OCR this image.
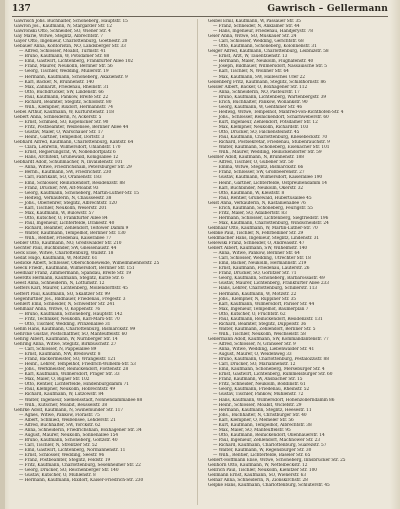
137	Gawrisch – Gellermann
Gawrisch Johs. Buchhalter, Schöneberg, Hauptstr. 15
Gawron Jos., Kaufmann, N, Stargarder Str. 12
Gawronski Otto, Schneider, SO, Wiener Str. 4
Gay Marie, Witwe, Steglitz, Albrechtstr. 7
Gayer Otto, Ingenieur, Charlottenburg, Goethestr. 20
Gebauer Anna, Kontoristin, NO, Landsberger Str. 33
— Alfred, Schlosser, Moabit, Turmstr. 41
— Bruno, Kaufmann, W, Potsdamer Str. 88
— Emil, Gastwirt, Lichtenberg, Frankfurter Allee 102
— Franz, Maurer, Neukölln, Berliner Str. 56
— Georg, Tischler, Wedding, Müllerstr. 19
— Hermann, Kaufmann, Schöneberg, Akazienstr. 9
— Karl, Bäcker, N, Brunnenstr. 140
— Max, Zahnarzt, Friedenau, Rheinstr. 31
— Otto, Buchdrucker, SW, Lindenstr. 66
— Paul, Kaufmann, Pankow, Breite Str. 22
— Richard, Beamter, Steglitz, Schloßstr. 80
— Wilh., Klempner, Rixdorf, Hermannstr. 74
Gebel Arthur, Kaufmann, W, Kurfürstenstr. 118
Gebert Anna, Schneiderin, N, Ackerstr. 5
— Ernst, Schmied, SO, Köpenicker Str. 90
— Fritz, Postbeamter, Weißensee, Berliner Allee 44
— Gustav, Maler, O, Warschauer Str. 17
— Heinr., Gärtner, Tempelhof, Dorfstr. 3
Gebhard Alfred, Kaufmann, Charlottenburg, Kantstr. 64
— Clara, Lehrerin, Wilmersdorf, Uhlandstr. 170
— Ernst, Regierungsrat, W, Nollendorfplatz 6
— Hans, Architekt, Grunewald, Königsallee 12
Gebhardt Adolf, Schuhmacher, N, Invalidenstr. 101
— Anna, Witwe, Friedrichshain, Petersburger Str. 29
— Bernh., Kaufmann, SW, Friedrichstr. 230
— Carl, Fabrikant, SO, Oranienstr. 183
— Emil, Schlosser, Reinickendorf, Residenzstr. 88
— Franz, Drucker, NW, Alt-Moabit 93
— Georg, Kaufmann, Schöneberg, Martin-Luther-Str. 15
— Hedwig, Verkäuferin, N, Chausseestr. 38
— Johs., Oberlehrer, Steglitz, Albrechtstr. 120
— Karl, Tischler, Neukölln, Weserstr. 201
— Max, Kaufmann, W, Bülowstr. 57
— Otto, Kutscher, O, Frankfurter Allee 84
— Paul, Ingenieur, Lichterfelde, Drakestr. 40
— Richard, Beamter, Zehlendorf, Teltower Damm 9
— Walter, Kaufmann, Tempelhof, Berliner Str. 130
— Wilh., Rentier, Friedenau, Kaiserallee 77
Gebler Otto, Kaufmann, NO, Greifswalder Str. 210
Gechter Paul, Buchbinder, SW, Gneisenaustr. 44
Geck Elise, Witwe, Charlottenburg, Wallstr. 18
Gedat Hugo, Kaufmann, W, Motzstr. 61
Gedicke Albert, Schlosser, Oberschöneweide, Wilhelminenhofstr. 25
Geeck Friedr., Kaufmann, Wilmersdorf, Berliner Str. 151
Geelhaar Franz, Zimmermann, Spandau, Breite Str. 19
Geerdts Hermann, Kaufmann, Steglitz, Kurze Str. 6
Geest Anna, Schneiderin, N, Lottumstr. 12
Geffers Karl, Maurer, Lichtenberg, Möllendorffstr. 45
Geffert Paul, Kaufmann, SO, Skalitzer Str. 99
Gegenfurtner Jos., Bildhauer, Friedenau, Fregestr. 3
Gehlert Emil, Schneider, N, Schwedter Str. 241
Gehlhaar Anna, Witwe, O, Koppenstr. 76
— Bruno, Kaufmann, Schöneberg, Hauptstr. 142
— Fritz, Techniker, Neukölln, Karl-Marx-Str. 70
— Otto, Tischler, Wedding, Prinzenallee 31
Gehm Hans, Kaufmann, Charlottenburg, Bismarckstr. 99
Gehrcke Gustav, Postschaffner, SO, Manteuffelstr. 60
Gehrig Albert, Kaufmann, W, Nürnberger Str. 14
Gehring Anna, Witwe, Steglitz, Birkbuschstr. 27
— Carl, Schlosser, N, Pappelallee 89
— Ernst, Kaufmann, NW, Bredowstr. 8
— Franz, Bäckermeister, SO, Wrangelstr. 121
— Heinr., Lehrer, Tempelhof, Friedrich-Wilhelm-Str. 53
— Johs., Werkmeister, Reinickendorf, Flottenstr. 28
— Karl, Kaufmann, Wilmersdorf, Prager Str. 33
— Max, Maler, O, Rigaer Str. 102
— Otto, Rentier, Lichterfelde, Hindenburgdamm 71
— Paul, Klempner, Neukölln, Hobrechtstr. 49
— Richard, Kaufmann, W, Lützowstr. 84
— Walter, Ingenieur, Siemensstadt, Nonnendammallee 88
— Wilh., Kutscher, Moabit, Beusselstr. 38
Gehrke Adolf, Kaufmann, N, Swinemünder Str. 117
— Agnes, Witwe, Pankow, Florastr. 75
— Albert, Schmied, Weißensee, Lehderstr. 21
— Alfred, Buchhalter, SW, Yorckstr. 62
— Anna, Schneiderin, Friedrichshain, Boxhagener Str. 34
— August, Maurer, Neukölln, Sonnenallee 154
— Bruno, Kaufmann, Schöneberg, Goltzstr. 40
— Carl, Tischler, N, Strelitzer Str. 52
— Emil, Gastwirt, Lichtenberg, Normannenstr. 11
— Ernst, Schlosser, Wedding, Seestr. 96
— Franz, Postbeamter, Steglitz, Feldstr. 19
— Fritz, Kaufmann, Charlottenburg, Sesenheimer Str. 22
— Georg, Drucker, SO, Reichenberger Str. 140
— Gustav, Kutscher, O, Mühlenstr. 8
— Hermann, Kaufmann, Rixdorf, Kaiser-Friedrich-Str. 230
Geibel Emil, Kaufmann, W, Passauer Str. 35
— Franz, Schneider, N, Anklamer Str. 44
— Hans, Ingenieur, Friedenau, Handjerystr. 78
Geier Anna, Witwe, SO, Muskauer Str. 24
— Carl, Schlosser, Wedding, Gerichtstr. 68
— Otto, Kaufmann, Schöneberg, Kolonnenstr. 31
Geiger Alfred, Kaufmann, Charlottenburg, Leibnizstr. 58
— Ernst, Arzt, W, Tauentzienstr. 13
— Hermann, Maler, Neukölln, Flughafenstr. 40
— Joseph, Bildhauer, Wilmersdorf, Nassauische Str. 5
— Karl, Tischler, N, Wolliner Str. 64
— Max, Kaufmann, SW, Hallesches Ufer 22
Geilenberg Fritz, Kaufmann, Steglitz, Schildhornstr. 86
Geisler Albert, Bäcker, O, Boxhagener Str. 112
— Anna, Schneiderin, NO, Pasteurstr. 17
— Bruno, Kaufmann, Lichtenberg, Wartenbergstr. 39
— Erich, Buchhalter, Pankow, Wollankstr. 90
— Georg, Kaufmann, W, Genthiner Str. 46
— Hedwig, Witwe, Tempelhof, Manfred-von-Richthofen-Str. 4
— Johs., Schlosser, Reinickendorf, Scharnweberstr. 60
— Kurt, Ingenieur, Zehlendorf, Potsdamer Str. 12
— Max, Klempner, Neukölln, Richardstr. 103
— Otto, Drucker, SO, Falckensteinstr. 45
— Paul, Kaufmann, Charlottenburg, Knesebeckstr. 70
— Richard, Postsekretär, Friedenau, Stubenrauchstr. 9
— Walter, Kaufmann, Schöneberg, Eisenacher Str. 101
— Wilh., Maurer, Wedding, Reinickendorfer Str. 59
Geißler Adolf, Kaufmann, N, Brunnenstr. 188
— Alfred, Tischler, O, Gubener Str. 50
— Emma, Witwe, Steglitz, Bismarckstr. 66
— Franz, Schlosser, SW, Großbeerenstr. 27
— Gustav, Kaufmann, Wilmersdorf, Kaiserallee 190
— Heinr., Gärtner, Lichterfelde, Ostpreußendamm 14
— Karl, Buchbinder, Neukölln, Okerstr. 32
— Otto, Kaufmann, W, Kleiststr. 8
— Paul, Rentier, Grunewald, Hubertusallee 45
Geist Anna, Verkäuferin, N, Kastanienallee 76
— Erich, Kaufmann, Schöneberg, Feurigstr. 55
— Fritz, Maler, SO, Adalbertstr. 83
— Hermann, Schlosser, Lichtenberg, Siegfriedstr. 196
— Max, Kaufmann, Charlottenburg, Windscheidstr. 24
Gelbhaar Otto, Kaufmann, W, Martin-Luther-Str. 70
Gelbke Paul, Tischler, N, Fehrbelliner Str. 29
Geldmacher Hans, Ingenieur, Steglitz, Lindenstr. 31
Gelewski Franz, Schneider, O, Andreasstr. 47
Gellert Albert, Kaufmann, SW, Wilhelmstr. 140
— Anna, Witwe, Pankow, Berliner Str. 64
— Carl, Schlosser, Wedding, Utrechter Str. 18
— Emil, Bäcker, Neukölln, Hermannstr. 219
— Ernst, Kaufmann, Friedenau, Lauterstr. 26
— Franz, Drucker, SO, Görlitzer Str. 71
— Georg, Kaufmann, Schöneberg, Barbarossastr. 49
— Gustav, Maurer, Lichtenberg, Frankfurter Allee 233
— Hans, Lehrer, Charlottenburg, Schillerstr. 113
— Hermann, Kaufmann, W, Motzstr. 22
— Johs., Klempner, N, Ruppiner Str. 35
— Karl, Kaufmann, Wilmersdorf, Pariser Str. 44
— Max, Ingenieur, Tempelhof, Bäumerplan 7
— Otto, Kutscher, O, Fruchtstr. 62
— Paul, Kaufmann, Reinickendorf, Residenzstr. 131
— Richard, Beamter, Steglitz, Düppelstr. 36
— Walter, Kaufmann, Zehlendorf, Berliner Str. 5
— Wilh., Tischler, Neukölln, Weichselstr. 58
Gellermann Adolf, Kaufmann, SW, Kommandantenstr. 77
— Alfred, Schlosser, N, Granseer Str. 9
— Anna, Witwe, Wedding, Liebenwalder Str. 41
— August, Maurer, O, Weidenweg 33
— Bruno, Kaufmann, Charlottenburg, Pestalozzistr. 88
— Carl, Drucker, SO, Mariannenstr. 12
— Emil, Kaufmann, Schöneberg, Merseburger Str. 4
— Ernst, Gastwirt, Lichtenberg, Rummelsburger Str. 60
— Franz, Kaufmann, W, Ansbacher Str. 15
— Fritz, Schneider, Neukölln, Boddinstr. 61
— Georg, Kaufmann, Friedenau, Rheinstr. 52
— Gustav, Tischler, Pankow, Mühlenstr. 72
— Hans, Kaufmann, Wilmersdorf, Hohenzollerndamm 86
— Heinr., Schlosser, Moabit, Wiclefstr. 29
— Hermann, Kaufmann, Steglitz, Heesestr. 11
— Johs., Buchhalter, N, Christburger Str. 40
— Karl, Klempner, O, Memeler Str. 56
— Kurt, Kaufmann, Tempelhof, Albrechtstr. 38
— Max, Maler, SO, Manteuffelstr. 95
— Otto, Kaufmann, Reinickendorf, Ollenhauerstr. 14
— Paul, Ingenieur, Zehlendorf, Machnower Str. 23
— Richard, Kaufmann, Charlottenburg, Suarezstr. 57
— Walter, Kaufmann, W, Regensburger Str. 30
— Wilh., Rentier, Lichterfelde, Baseler Str. 65
Gellert-Hoffmann Elise, Witwe, Schöneberg, Innsbrucker Str. 25
Gellhorn Otto, Kaufmann, W, Nettelbeckstr. 12
Gellrich Paul, Tischler, Neukölln, Kienitzer Str. 100
Gellmann Ernst, Kaufmann, SO, Wienerstr. 63
Gelnar Anna, Schneiderin, N, Zionskirchstr. 28
Gelpke Hans, Kaufmann, Charlottenburg, Schlüterstr. 45
